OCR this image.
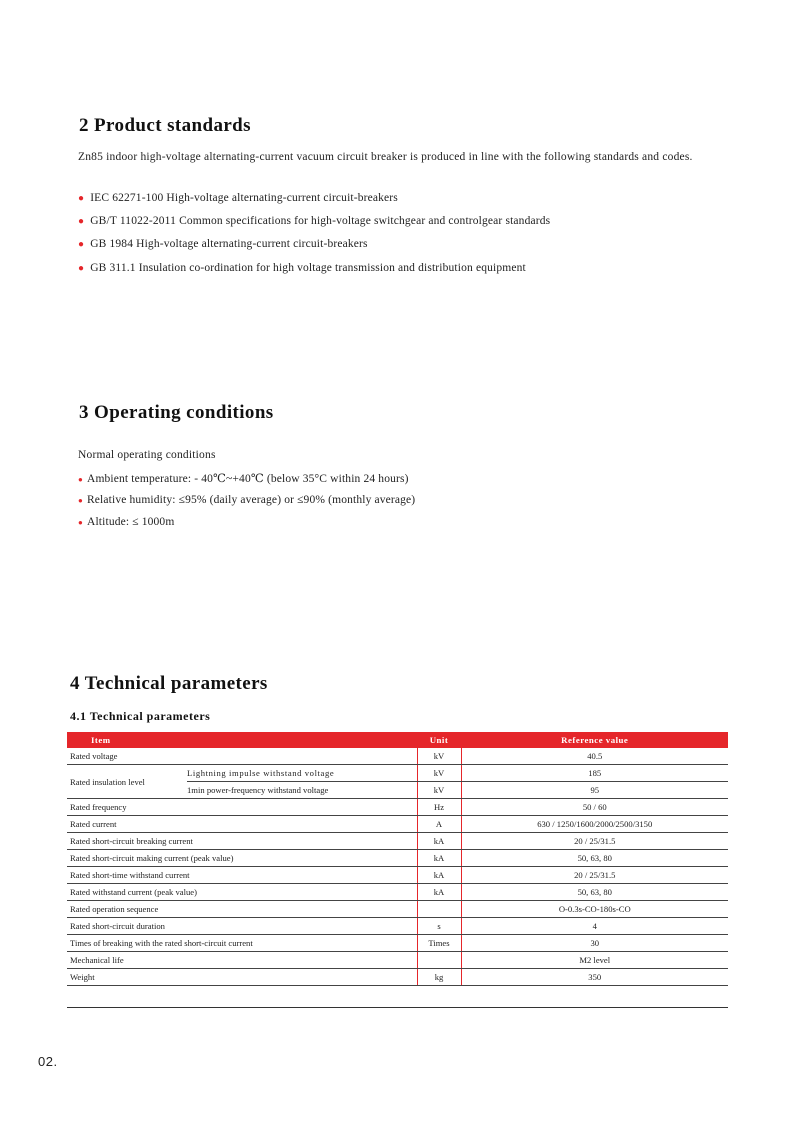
2 Product standards
Zn85 indoor high-voltage alternating-current vacuum circuit breaker is produced in line with the following standards and codes.
● IEC 62271-100 High-voltage alternating-current circuit-breakers
● GB/T 11022-2011 Common specifications for high-voltage switchgear and controlgear standards
● GB 1984 High-voltage alternating-current circuit-breakers
● GB 311.1 Insulation co-ordination for high voltage transmission and distribution equipment
3 Operating conditions
Normal operating conditions
● Ambient temperature: - 40℃~+40℃ (below 35°C within 24 hours)
● Relative humidity: ≤95% (daily average) or ≤90% (monthly average)
● Altitude: ≤ 1000m
4 Technical parameters
4.1 Technical parameters
Item		Unit	Reference value
Rated voltage		kV	40.5
Rated insulation level	Lightning impulse withstand voltage	kV	185
	1min power-frequency withstand voltage	kV	95
Rated frequency		Hz	50 / 60
Rated current		A	630 / 1250/1600/2000/2500/3150
Rated short-circuit breaking current		kA	20 / 25/31.5
Rated short-circuit making current (peak value)		kA	50, 63, 80
Rated short-time withstand current		kA	20 / 25/31.5
Rated withstand current (peak value)		kA	50, 63, 80
Rated operation sequence			O-0.3s-CO-180s-CO
Rated short-circuit duration		s	4
Times of breaking with the rated short-circuit current		Times	30
Mechanical life			M2 level
Weight		kg	350
02.
